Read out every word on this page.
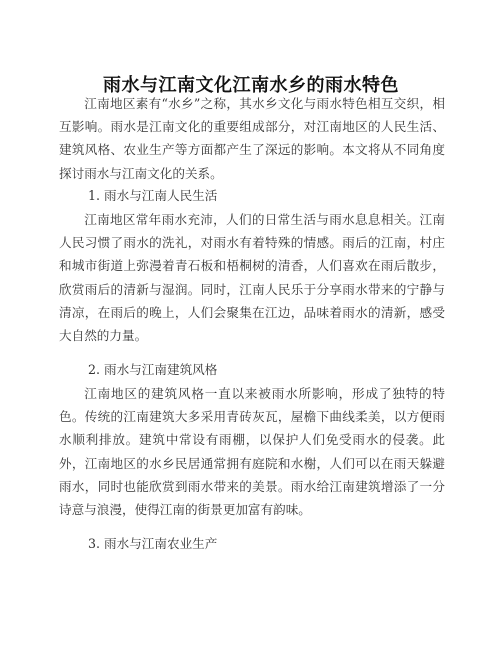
雨水与江南文化江南水乡的雨水特色

江南地区素有“水乡”之称，其水乡文化与雨水特色相互交织，相互影响。雨水是江南文化的重要组成部分，对江南地区的人民生活、建筑风格、农业生产等方面都产生了深远的影响。本文将从不同角度探讨雨水与江南文化的关系。

1. 雨水与江南人民生活

江南地区常年雨水充沛，人们的日常生活与雨水息息相关。江南人民习惯了雨水的洗礼，对雨水有着特殊的情感。雨后的江南，村庄和城市街道上弥漫着青石板和梧桐树的清香，人们喜欢在雨后散步，欣赏雨后的清新与湿润。同时，江南人民乐于分享雨水带来的宁静与清凉，在雨后的晚上，人们会聚集在江边，品味着雨水的清新，感受大自然的力量。

2. 雨水与江南建筑风格

江南地区的建筑风格一直以来被雨水所影响，形成了独特的特色。传统的江南建筑大多采用青砖灰瓦，屋檐下曲线柔美，以方便雨水顺利排放。建筑中常设有雨棚，以保护人们免受雨水的侵袭。此外，江南地区的水乡民居通常拥有庭院和水榭，人们可以在雨天躲避雨水，同时也能欣赏到雨水带来的美景。雨水给江南建筑增添了一分诗意与浪漫，使得江南的街景更加富有韵味。

3. 雨水与江南农业生产
